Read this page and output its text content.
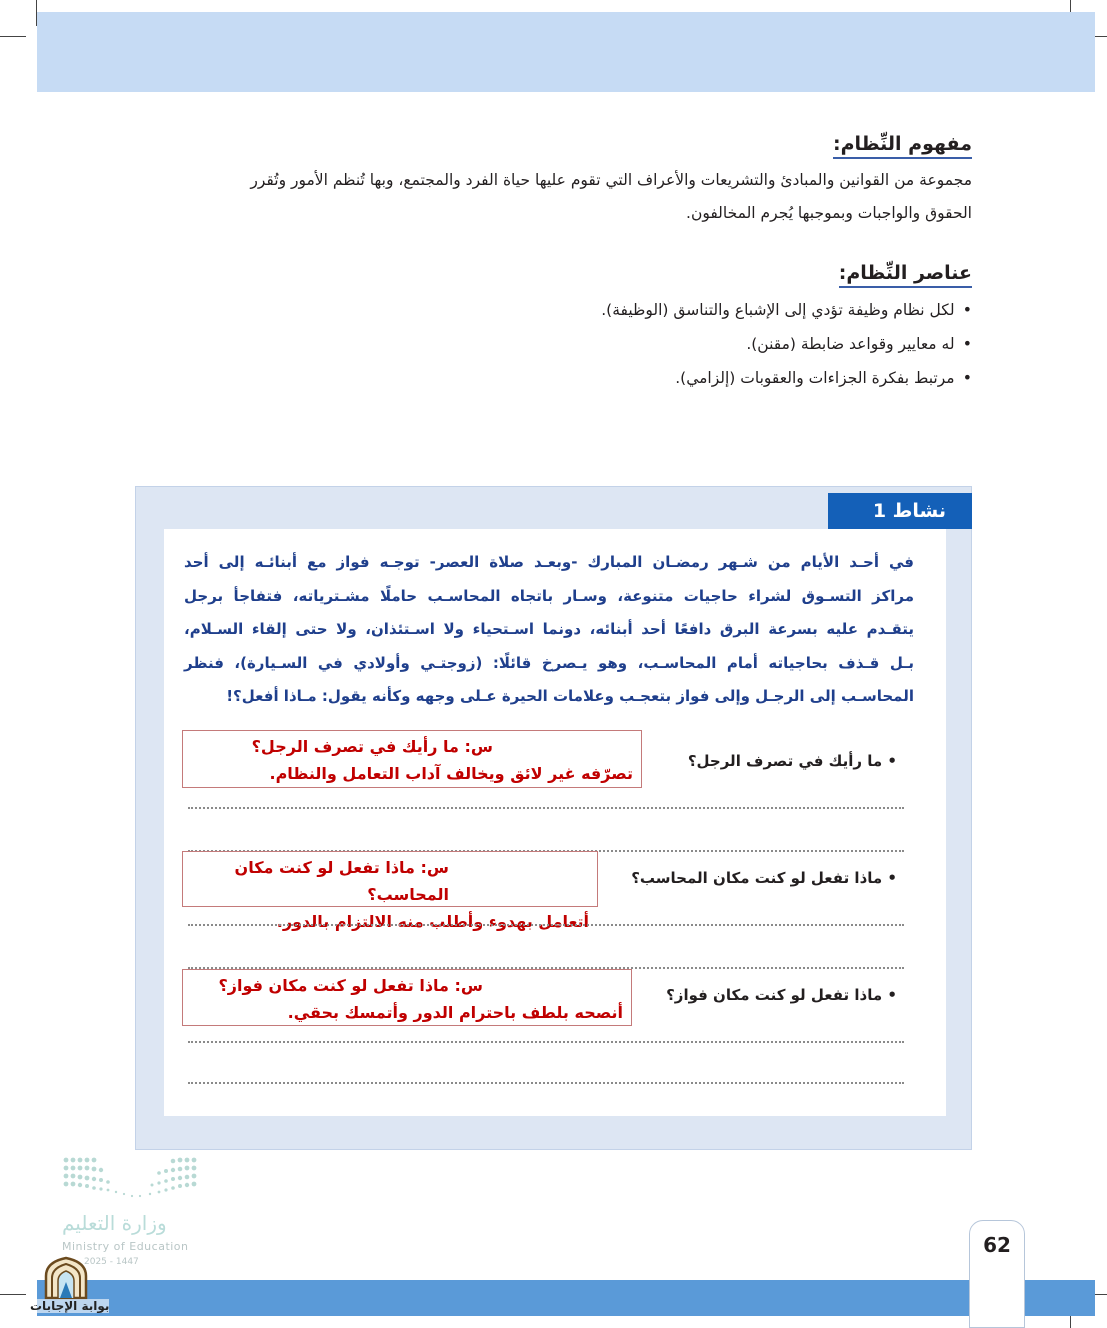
مفهوم النِّظام:
مجموعة من القوانين والمبادئ والتشريعات والأعراف التي تقوم عليها حياة الفرد والمجتمع، وبها تُنظم الأمور وتُقرر
الحقوق والواجبات وبموجبها يُجرم المخالفون.
عناصر النِّظام:
• لكل نظام وظيفة تؤدي إلى الإشباع والتناسق (الوظيفة).
• له معايير وقواعد ضابطة (مقنن).
• مرتبط بفكرة الجزاءات والعقوبات (إلزامي).
نشاط 1
في أحـد الأيام من شـهر رمضـان المبارك -وبعـد صلاة العصر- توجـه فواز مع أبنائـه إلى أحد
مراكز التسـوق لشراء حاجيات متنوعة، وسـار باتجاه المحاسـب حاملًا مشـترياته، فتفاجأ برجل
يتقـدم عليه بسرعة البرق دافعًا أحد أبنائه، دونما اسـتحياء ولا اسـتئذان، ولا حتى إلقاء السـلام،
بـل قـذف بحاجياته أمام المحاسـب، وهو يـصرخ قائلًا: (زوجتـي وأولادي في السـيارة)، فنظر
المحاسـب إلى الرجـل وإلى فواز بتعجـب وعلامات الحيرة عـلى وجهه وكأنه يقول: مـاذا أفعل؟!
• ما رأيك في تصرف الرجل؟
س: ما رأيك في تصرف الرجل؟
تصرّفه غير لائق ويخالف آداب التعامل والنظام.
• ماذا تفعل لو كنت مكان المحاسب؟
س: ماذا تفعل لو كنت مكان المحاسب؟
أتعامل بهدوء وأطلب منه الالتزام بالدور.
• ماذا تفعل لو كنت مكان فواز؟
س: ماذا تفعل لو كنت مكان فواز؟
أنصحه بلطف باحترام الدور وأتمسك بحقي.
وزارة التعليم
Ministry of Education
2025 - 1447
62
بوابة الإجابات
